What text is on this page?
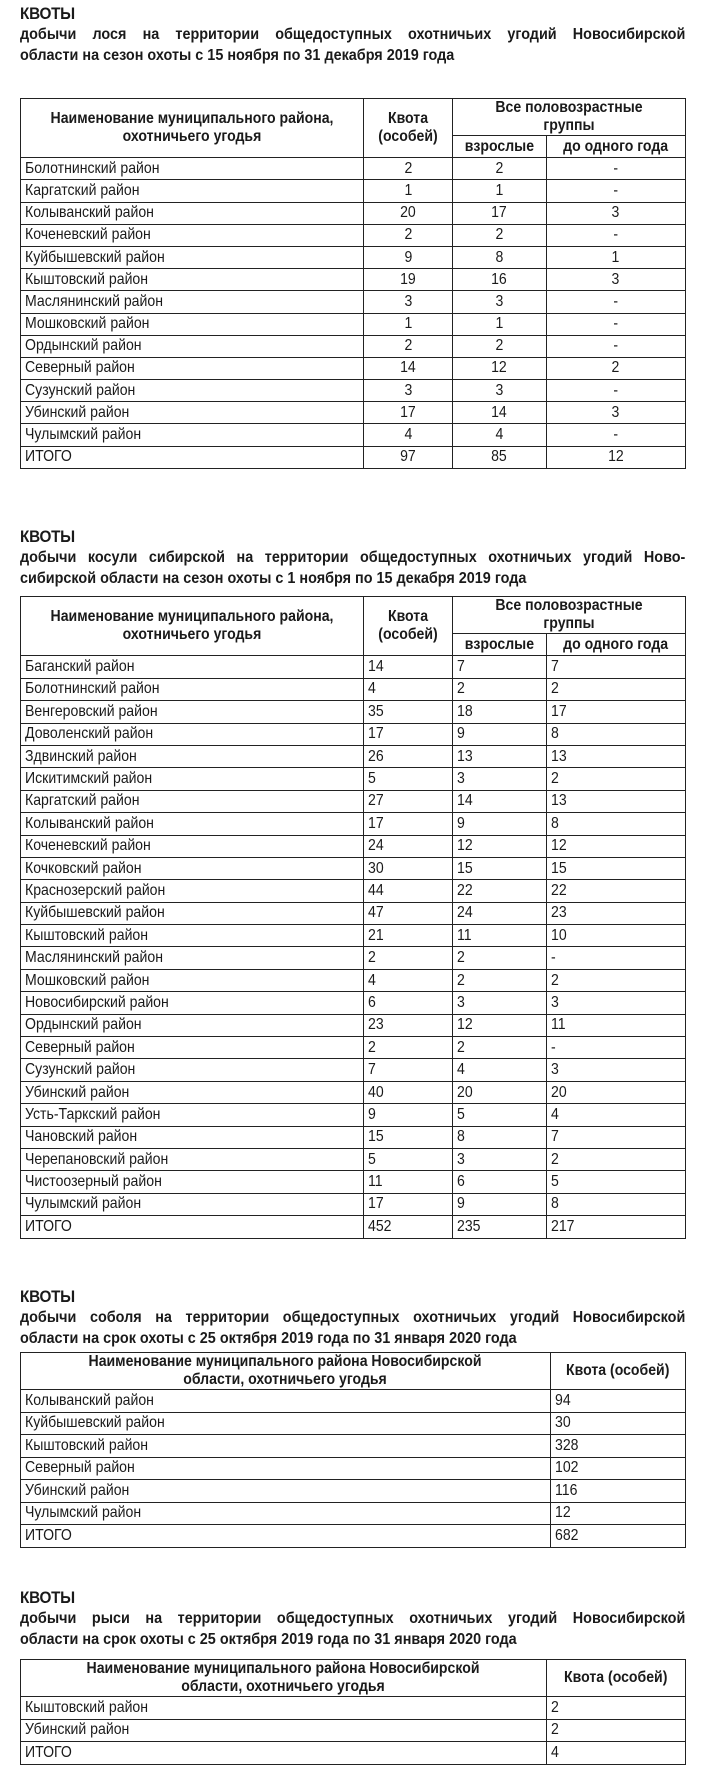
КВОТЫ
добычи лося на территории общедоступных охотничьих угодий Новосибирской
области на сезон охоты с 15 ноября по 31 декабря 2019 года
Наименование муниципального района, охотничьего угодья	Квота (особей)	Все половозрастные группы	
		взрослые	до одного года
Болотнинский район	2	2	-
Каргатский район	1	1	-
Колыванский район	20	17	3
Коченевский район	2	2	-
Куйбышевский район	9	8	1
Кыштовский район	19	16	3
Маслянинский район	3	3	-
Мошковский район	1	1	-
Ордынский район	2	2	-
Северный район	14	12	2
Сузунский район	3	3	-
Убинский район	17	14	3
Чулымский район	4	4	-
ИТОГО	97	85	12
КВОТЫ
добычи косули сибирской на территории общедоступных охотничьих угодий Ново-
сибирской области на сезон охоты с 1 ноября по 15 декабря 2019 года
Наименование муниципального района, охотничьего угодья	Квота (особей)	Все половозрастные группы	
		взрослые	до одного года
Баганский район	14	7	7
Болотнинский район	4	2	2
Венгеровский район	35	18	17
Доволенский район	17	9	8
Здвинский район	26	13	13
Искитимский район	5	3	2
Каргатский район	27	14	13
Колыванский район	17	9	8
Коченевский район	24	12	12
Кочковский район	30	15	15
Краснозерский район	44	22	22
Куйбышевский район	47	24	23
Кыштовский район	21	11	10
Маслянинский район	2	2	-
Мошковский район	4	2	2
Новосибирский район	6	3	3
Ордынский район	23	12	11
Северный район	2	2	-
Сузунский район	7	4	3
Убинский район	40	20	20
Усть-Таркский район	9	5	4
Чановский район	15	8	7
Черепановский район	5	3	2
Чистоозерный район	11	6	5
Чулымский район	17	9	8
ИТОГО	452	235	217
КВОТЫ
добычи соболя на территории общедоступных охотничьих угодий Новосибирской
области на срок охоты с 25 октября 2019 года по 31 января 2020 года
Наименование муниципального района Новосибирской области, охотничьего угодья	Квота (особей)
Колыванский район	94
Куйбышевский район	30
Кыштовский район	328
Северный район	102
Убинский район	116
Чулымский район	12
ИТОГО	682
КВОТЫ
добычи рыси на территории общедоступных охотничьих угодий Новосибирской
области на срок охоты с 25 октября 2019 года по 31 января 2020 года
Наименование муниципального района Новосибирской области, охотничьего угодья	Квота (особей)
Кыштовский район	2
Убинский район	2
ИТОГО	4
